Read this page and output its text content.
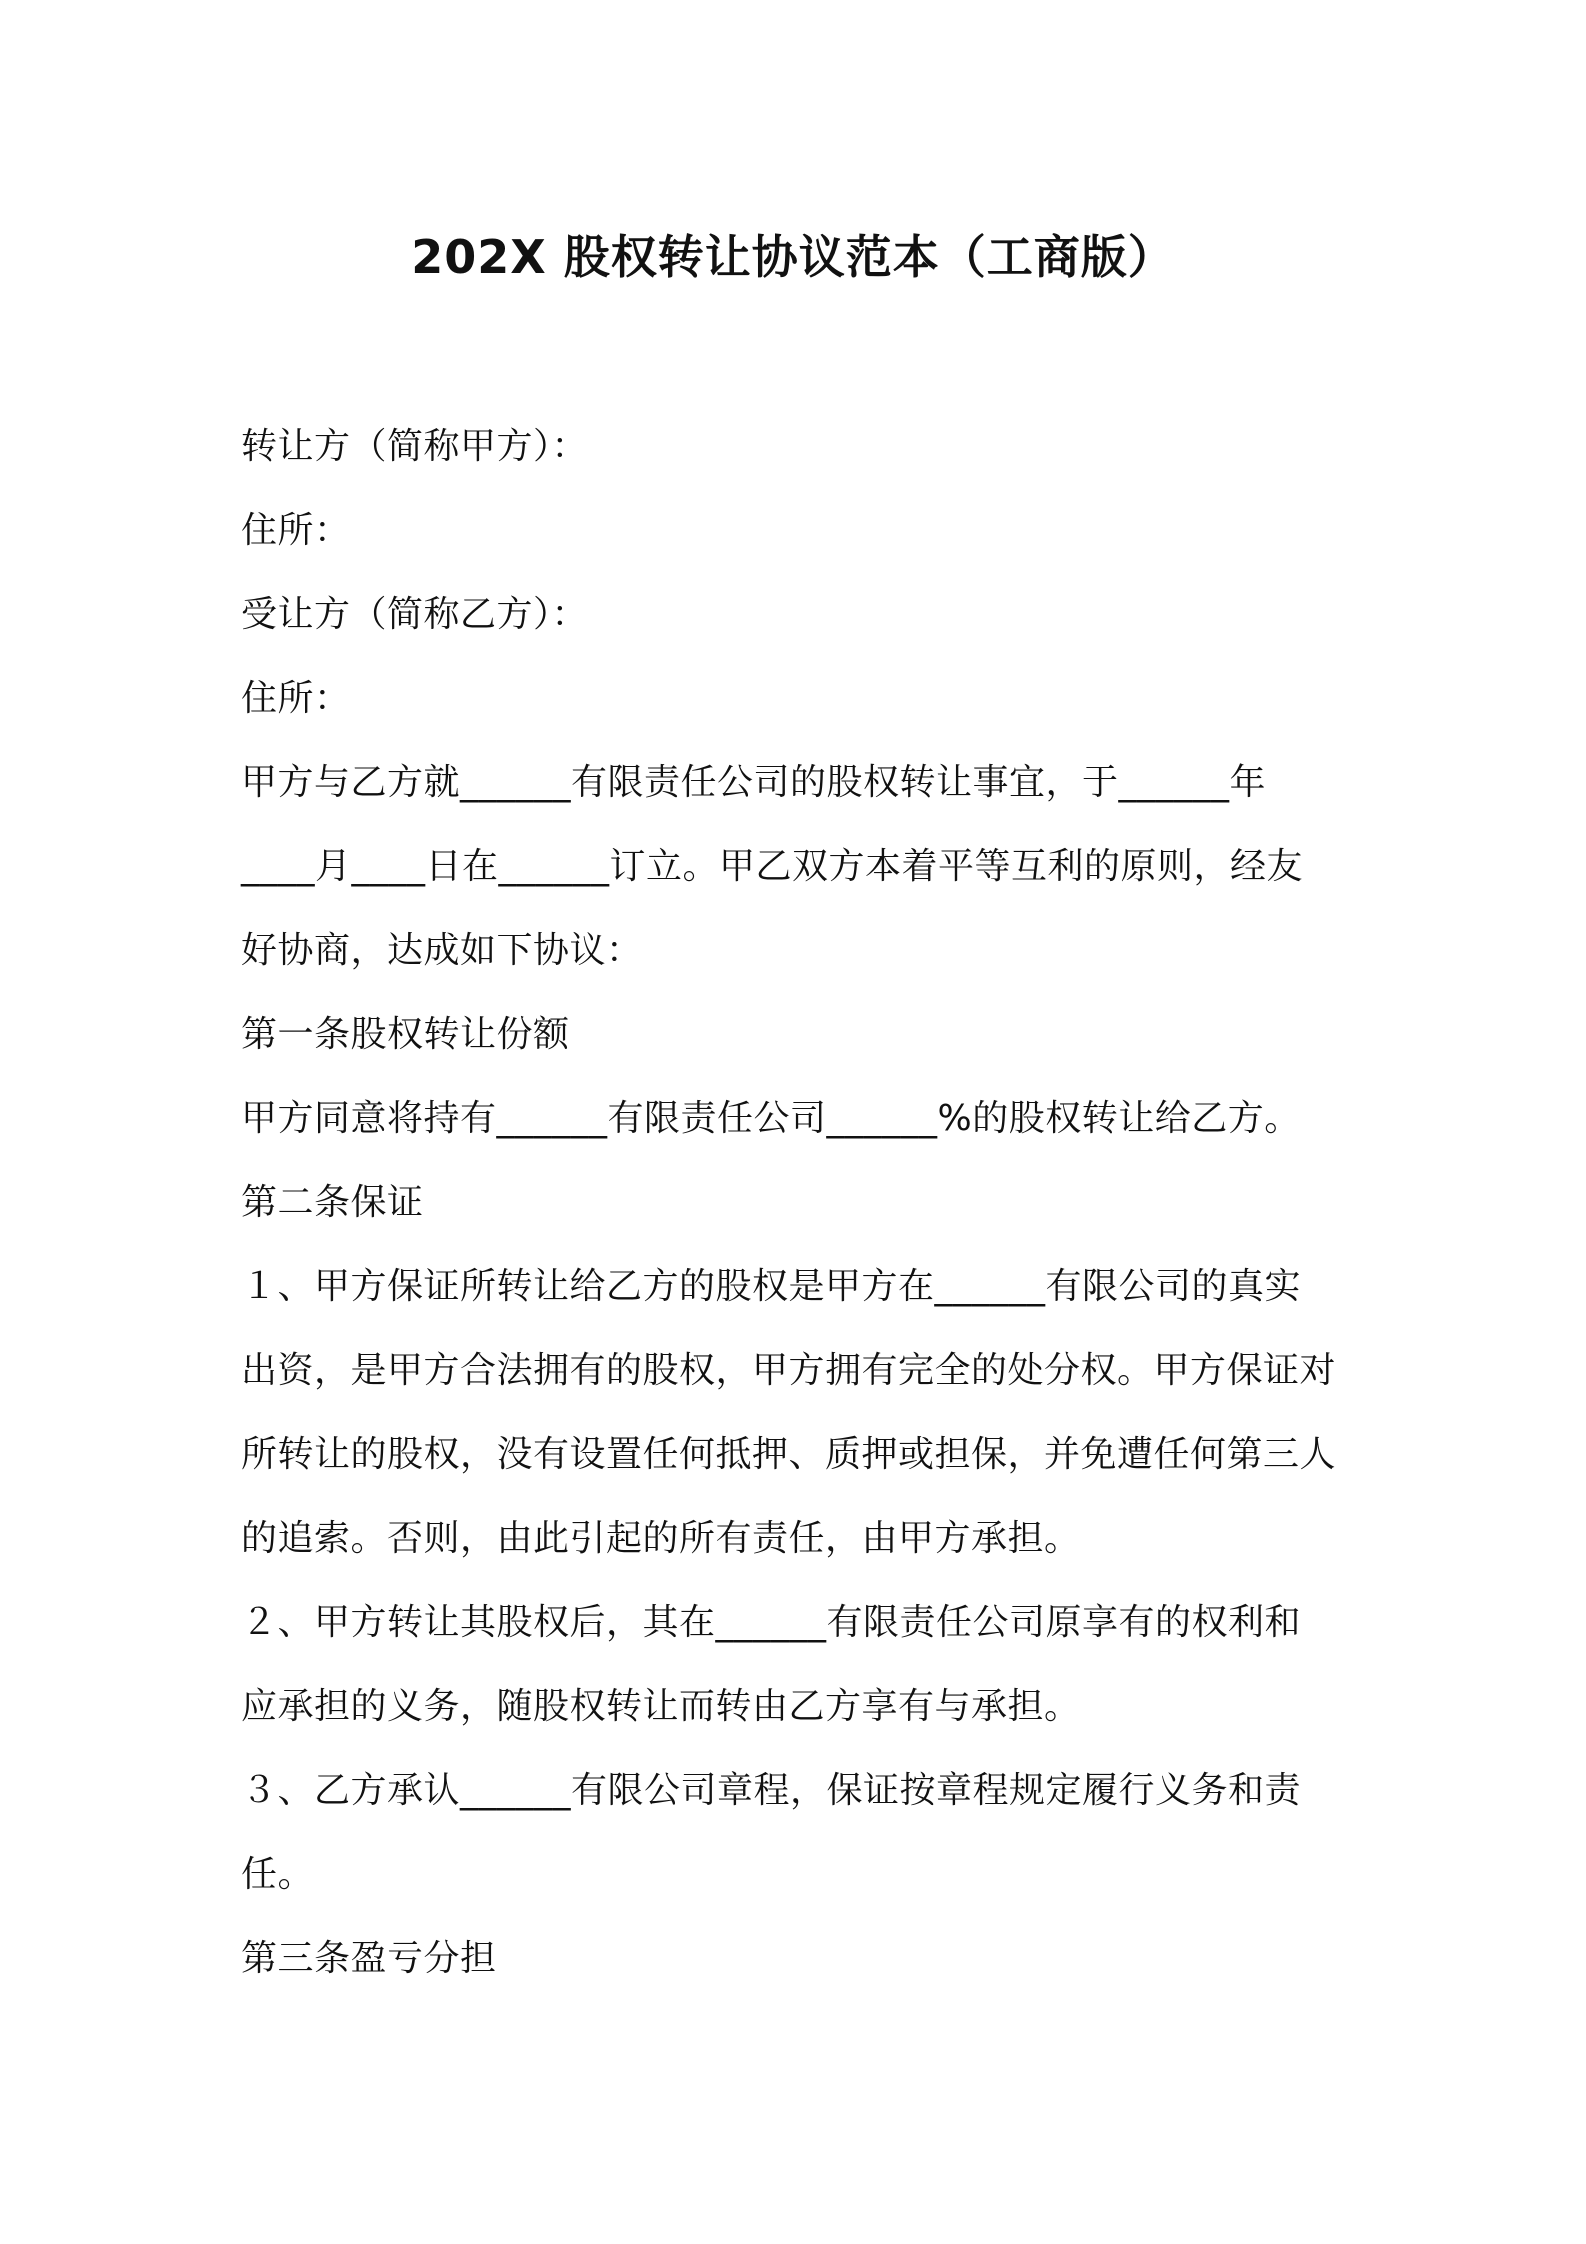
202X 股权转让协议范本（工商版）
转让方（简称甲方）：
住所：
受让方（简称乙方）：
住所：
甲方与乙方就______有限责任公司的股权转让事宜，于______年
____月____日在______订立。甲乙双方本着平等互利的原则，经友
好协商，达成如下协议：
第一条股权转让份额
甲方同意将持有______有限责任公司______%的股权转让给乙方。
第二条保证
１、甲方保证所转让给乙方的股权是甲方在______有限公司的真实
出资，是甲方合法拥有的股权，甲方拥有完全的处分权。甲方保证对
所转让的股权，没有设置任何抵押、质押或担保，并免遭任何第三人
的追索。否则，由此引起的所有责任，由甲方承担。
２、甲方转让其股权后，其在______有限责任公司原享有的权利和
应承担的义务，随股权转让而转由乙方享有与承担。
３、乙方承认______有限公司章程，保证按章程规定履行义务和责
任。
第三条盈亏分担
